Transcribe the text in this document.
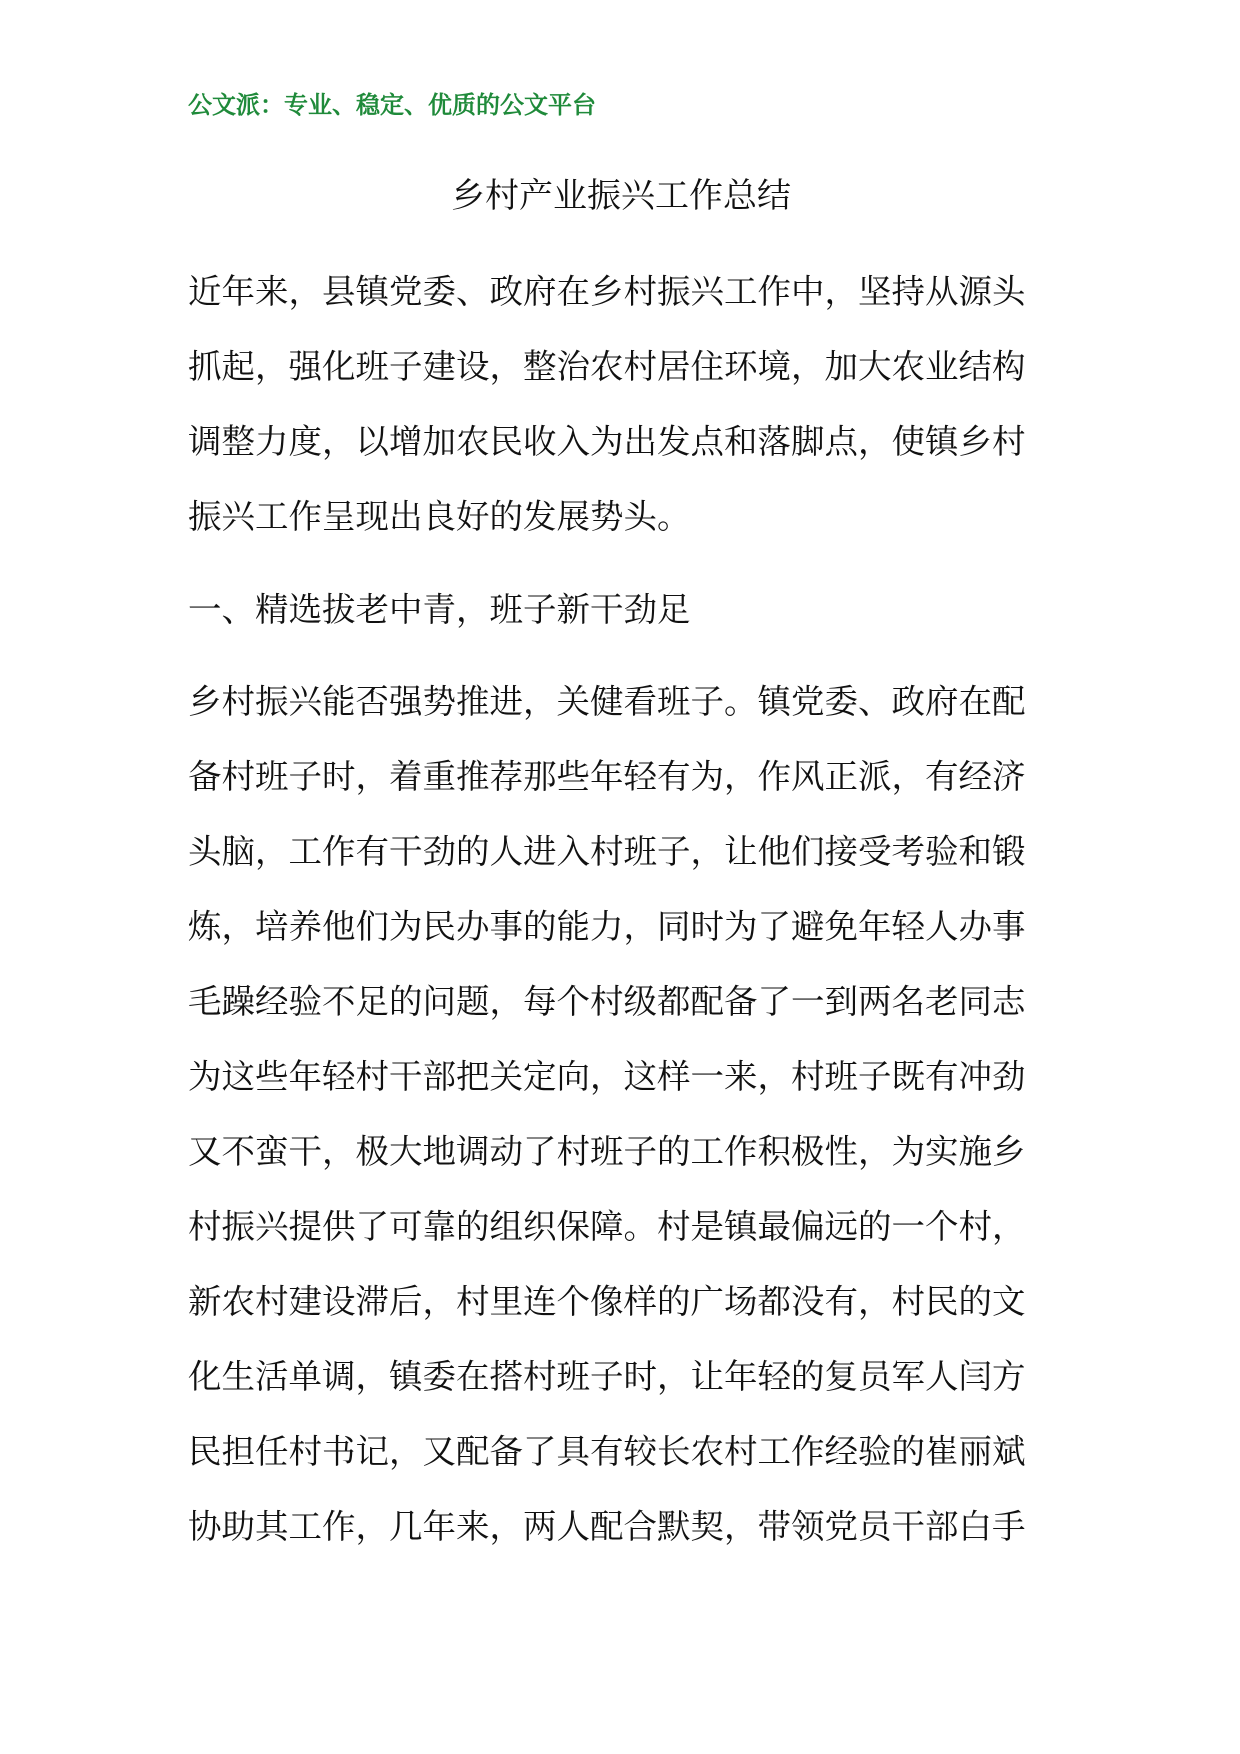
公文派：专业、稳定、优质的公文平台
乡村产业振兴工作总结
近年来，县镇党委、政府在乡村振兴工作中，坚持从源头
抓起，强化班子建设，整治农村居住环境，加大农业结构
调整力度，以增加农民收入为出发点和落脚点，使镇乡村
振兴工作呈现出良好的发展势头。
一、精选拔老中青，班子新干劲足
乡村振兴能否强势推进，关健看班子。镇党委、政府在配
备村班子时，着重推荐那些年轻有为，作风正派，有经济
头脑，工作有干劲的人进入村班子，让他们接受考验和锻
炼，培养他们为民办事的能力，同时为了避免年轻人办事
毛躁经验不足的问题，每个村级都配备了一到两名老同志
为这些年轻村干部把关定向，这样一来，村班子既有冲劲
又不蛮干，极大地调动了村班子的工作积极性，为实施乡
村振兴提供了可靠的组织保障。村是镇最偏远的一个村，
新农村建设滞后，村里连个像样的广场都没有，村民的文
化生活单调，镇委在搭村班子时，让年轻的复员军人闫方
民担任村书记，又配备了具有较长农村工作经验的崔丽斌
协助其工作，几年来，两人配合默契，带领党员干部白手
